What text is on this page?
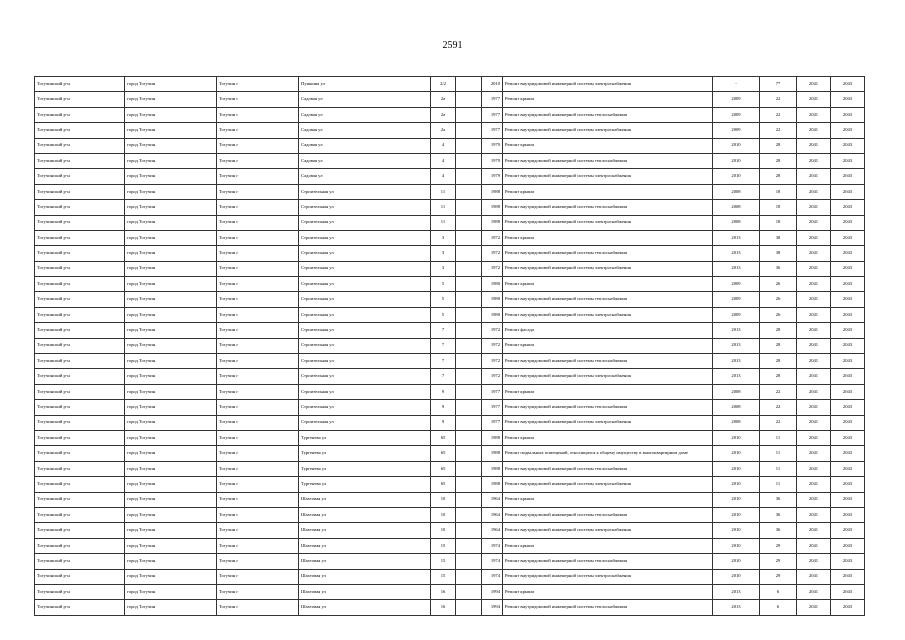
2591
Тогучинский р-н	город Тогучин	Тогучин г	Пушкина ул	2/2		2010	Ремонт внутридомовой инженерной системы электроснабжения	-	7*	2041	2043
Тогучинский р-н	город Тогучин	Тогучин г	Садовая ул	2а		1977	Ремонт крыши	2009	22	2041	2043
Тогучинский р-н	город Тогучин	Тогучин г	Садовая ул	2а		1977	Ремонт внутридомовой инженерной системы теплоснабжения	2009	22	2041	2043
Тогучинский р-н	город Тогучин	Тогучин г	Садовая ул	2а		1977	Ремонт внутридомовой инженерной системы электроснабжения	2009	22	2041	2043
Тогучинский р-н	город Тогучин	Тогучин г	Садовая ул	4		1979	Ремонт крыши	2010	28	2041	2043
Тогучинский р-н	город Тогучин	Тогучин г	Садовая ул	4		1979	Ремонт внутридомовой инженерной системы теплоснабжения	2010	28	2041	2043
Тогучинский р-н	город Тогучин	Тогучин г	Садовая ул	4		1979	Ремонт внутридомовой инженерной системы электроснабжения	2010	28	2041	2043
Тогучинский р-н	город Тогучин	Тогучин г	Строительная ул	11		1988	Ремонт крыши	2008	18	2041	2043
Тогучинский р-н	город Тогучин	Тогучин г	Строительная ул	11		1988	Ремонт внутридомовой инженерной системы теплоснабжения	2008	18	2041	2043
Тогучинский р-н	город Тогучин	Тогучин г	Строительная ул	11		1988	Ремонт внутридомовой инженерной системы электроснабжения	2008	18	2041	2043
Тогучинский р-н	город Тогучин	Тогучин г	Строительная ул	3		1972	Ремонт крыши	2013	38	2041	2043
Тогучинский р-н	город Тогучин	Тогучин г	Строительная ул	3		1972	Ремонт внутридомовой инженерной системы теплоснабжения	2013	38	2041	2043
Тогучинский р-н	город Тогучин	Тогучин г	Строительная ул	3		1972	Ремонт внутридомовой инженерной системы электроснабжения	2013	36	2041	2043
Тогучинский р-н	город Тогучин	Тогучин г	Строительная ул	5		1980	Ремонт крыши	2009	26	2041	2043
Тогучинский р-н	город Тогучин	Тогучин г	Строительная ул	5		1980	Ремонт внутридомовой инженерной системы теплоснабжения	2009	26	2041	2043
Тогучинский р-н	город Тогучин	Тогучин г	Строительная ул	5		1980	Ремонт внутридомовой инженерной системы электроснабжения	2009	26	2041	2043
Тогучинский р-н	город Тогучин	Тогучин г	Строительная ул	7		1972	Ремонт фасада	2013	28	2041	2043
Тогучинский р-н	город Тогучин	Тогучин г	Строительная ул	7		1972	Ремонт крыши	2013	28	2041	2043
Тогучинский р-н	город Тогучин	Тогучин г	Строительная ул	7		1972	Ремонт внутридомовой инженерной системы теплоснабжения	2013	28	2041	2043
Тогучинский р-н	город Тогучин	Тогучин г	Строительная ул	7		1972	Ремонт внутридомовой инженерной системы электроснабжения	2013	28	2041	2043
Тогучинский р-н	город Тогучин	Тогучин г	Строительная ул	9		1977	Ремонт крыши	2008	22	2041	2043
Тогучинский р-н	город Тогучин	Тогучин г	Строительная ул	9		1977	Ремонт внутридомовой инженерной системы теплоснабжения	2008	22	2041	2043
Тогучинский р-н	город Тогучин	Тогучин г	Строительная ул	9		1977	Ремонт внутридомовой инженерной системы электроснабжения	2008	22	2041	2043
Тогучинский р-н	город Тогучин	Тогучин г	Тургенева ул	65		1988	Ремонт крыши	2010	11	2041	2043
Тогучинский р-н	город Тогучин	Тогучин г	Тургенева ул	65		1988	Ремонт подвальных помещений, относящихся к общему имуществу в многоквартирном доме	2010	11	2041	2043
Тогучинский р-н	город Тогучин	Тогучин г	Тургенева ул	65		1988	Ремонт внутридомовой инженерной системы теплоснабжения	2010	11	2041	2043
Тогучинский р-н	город Тогучин	Тогучин г	Тургенева ул	65		1988	Ремонт внутридомовой инженерной системы электроснабжения	2010	11	2041	2043
Тогучинский р-н	город Тогучин	Тогучин г	Шахтовая ул	10		1964	Ремонт крыши	2010	36	2041	2043
Тогучинский р-н	город Тогучин	Тогучин г	Шахтовая ул	10		1964	Ремонт внутридомовой инженерной системы теплоснабжения	2010	36	2041	2043
Тогучинский р-н	город Тогучин	Тогучин г	Шахтовая ул	10		1964	Ремонт внутридомовой инженерной системы электроснабжения	2010	36	2041	2043
Тогучинский р-н	город Тогучин	Тогучин г	Шахтовая ул	15		1974	Ремонт крыши	2010	29	2041	2043
Тогучинский р-н	город Тогучин	Тогучин г	Шахтовая ул	15		1974	Ремонт внутридомовой инженерной системы теплоснабжения	2010	29	2041	2043
Тогучинский р-н	город Тогучин	Тогучин г	Шахтовая ул	15		1974	Ремонт внутридомовой инженерной системы электроснабжения	2010	29	2041	2043
Тогучинский р-н	город Тогучин	Тогучин г	Шахтовая ул	16		1994	Ремонт крыши	2013	6	2041	2043
Тогучинский р-н	город Тогучин	Тогучин г	Шахтовая ул	16		1994	Ремонт внутридомовой инженерной системы теплоснабжения	2013	6	2041	2043
